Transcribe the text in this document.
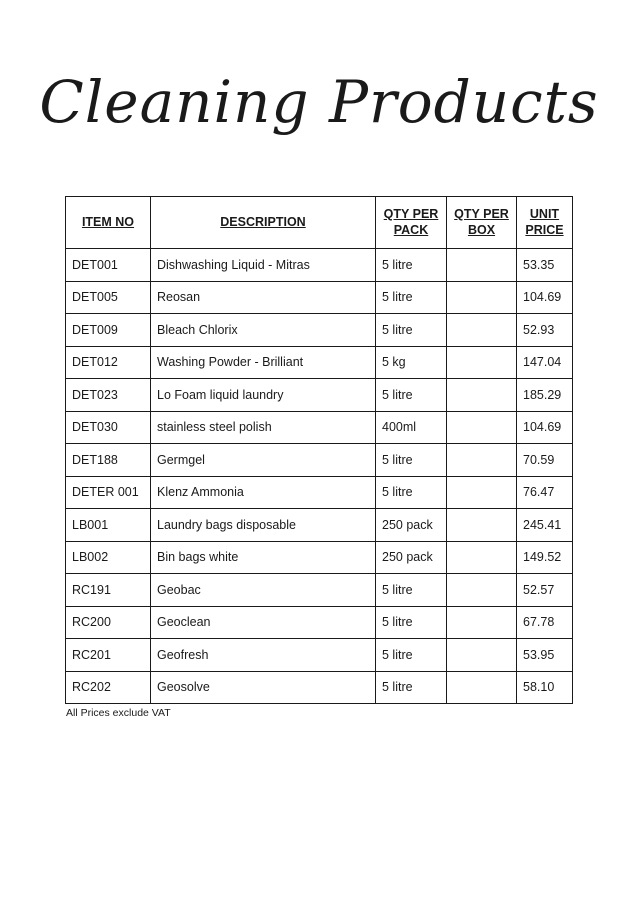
Cleaning Products
ITEM NO	DESCRIPTION	QTY PER PACK	QTY PER BOX	UNIT PRICE
DET001	Dishwashing Liquid - Mitras	5 litre		53.35
DET005	Reosan	5 litre		104.69
DET009	Bleach Chlorix	5 litre		52.93
DET012	Washing Powder - Brilliant	5 kg		147.04
DET023	Lo Foam liquid laundry	5 litre		185.29
DET030	stainless steel polish	400ml		104.69
DET188	Germgel	5 litre		70.59
DETER 001	Klenz Ammonia	5 litre		76.47
LB001	Laundry bags disposable	250 pack		245.41
LB002	Bin bags white	250 pack		149.52
RC191	Geobac	5 litre		52.57
RC200	Geoclean	5 litre		67.78
RC201	Geofresh	5 litre		53.95
RC202	Geosolve	5 litre		58.10
All Prices exclude VAT
